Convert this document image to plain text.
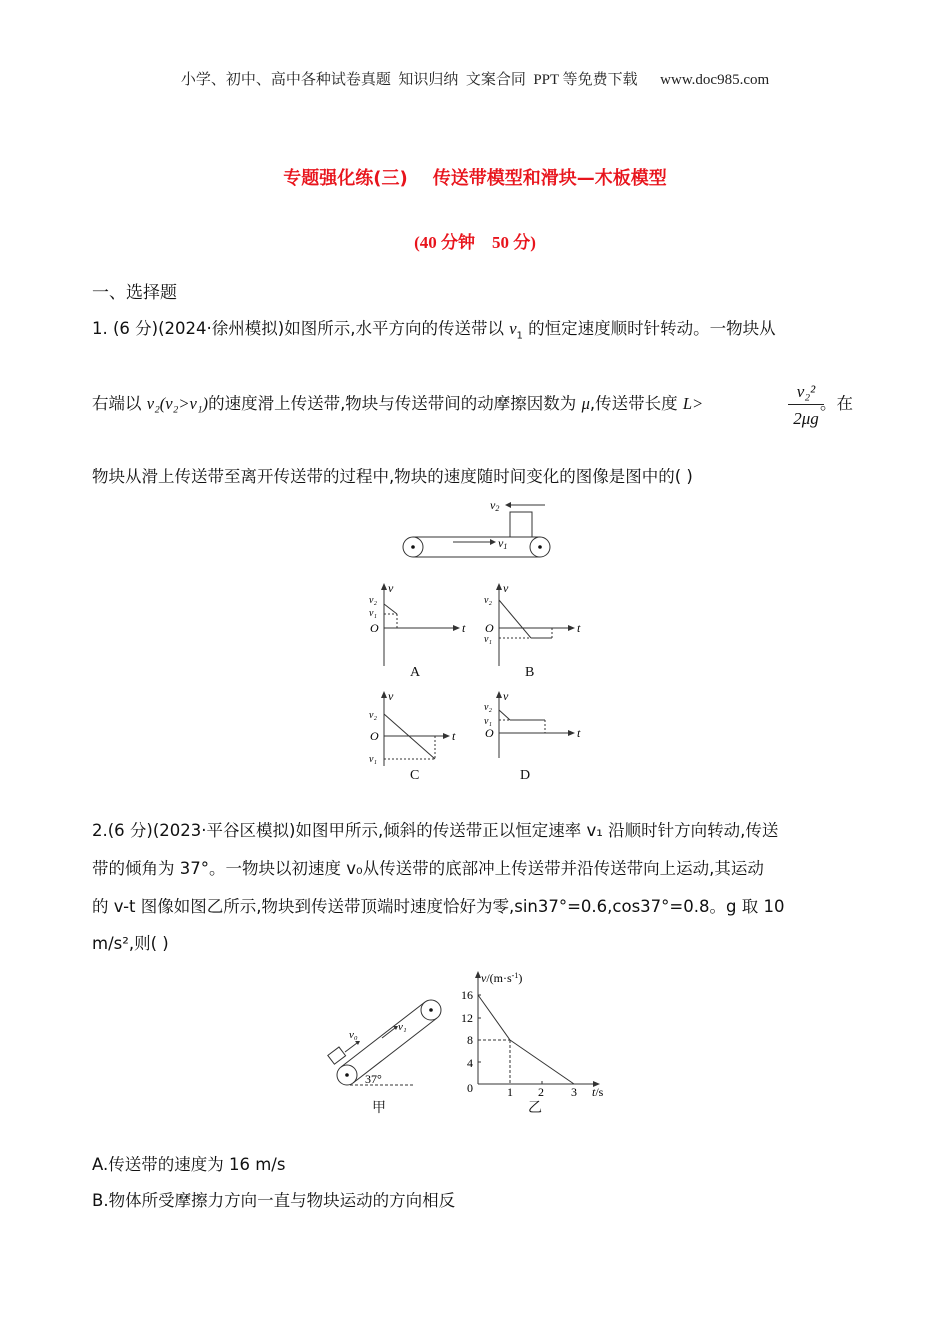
小学、初中、高中各种试卷真题  知识归纳  文案合同  PPT 等免费下载      www.doc985.com
专题强化练(三)    传送带模型和滑块—木板模型
(40 分钟    50 分)
一、选择题
1. (6 分)(2024·徐州模拟)如图所示,水平方向的传送带以 $v_1$ 的恒定速度顺时针转动。一物块从
右端以 v₂(v₂>v₁)的速度滑上传送带,物块与传送带间的动摩擦因数为 μ,传送带长度 L>	$\frac{\text{v₂²}}{2\mu g}$
。在
物块从滑上传送带至离开传送带的过程中,物块的速度随时间变化的图像是图中的( )
v1
v2
v
t
O
v₂
v₁
A
v
t
O
v₂
v₁
B
v
t
O
v₂
v₁
C
v
t
O
v₂
v₁
D
2.(6 分)(2023·平谷区模拟)如图甲所示,倾斜的传送带正以恒定速率 v₁ 沿顺时针方向转动,传送
带的倾角为 37°。一物块以初速度 v₀从传送带的底部冲上传送带并沿传送带向上运动,其运动
的 v-t 图像如图乙所示,物块到传送带顶端时速度恰好为零,sin37°=0.6,cos37°=0.8。g 取 10
m/s²,则( )
v₀
v₁
37°
甲
$v/(m\cdot s^{-1})$
t/s
16
12
8
4
0	1 2 3
乙
A.传送带的速度为 16 m/s
B.物体所受摩擦力方向一直与物块运动的方向相反
